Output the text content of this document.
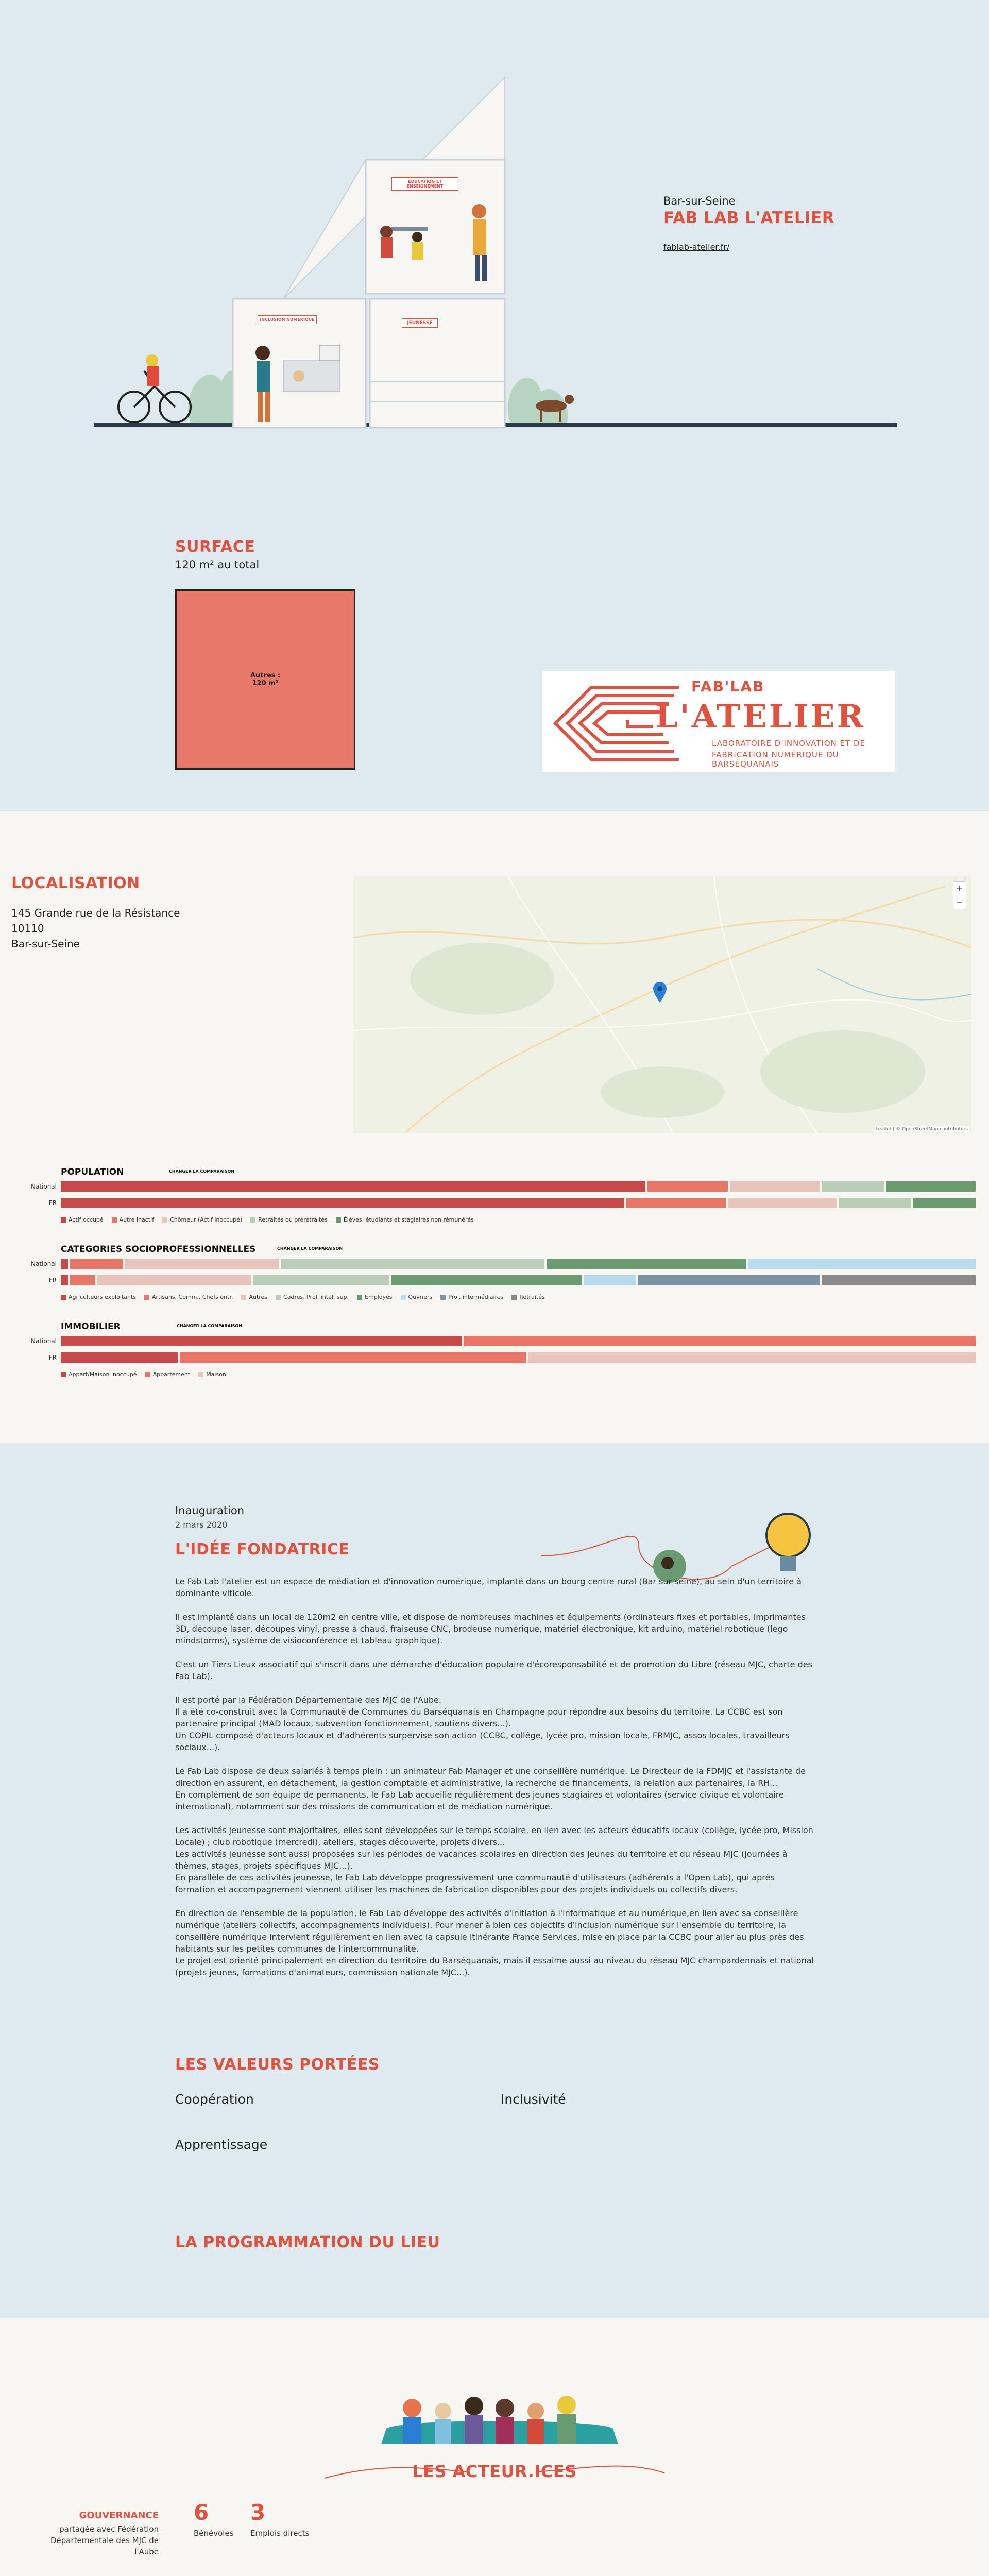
ÉDUCATION ET ENSEIGNEMENT
INCLUSION NUMÉRIQUE
JEUNESSE
Bar-sur-Seine
FAB LAB L'ATELIER
fablab-atelier.fr/
SURFACE
120 m² au total
Autres :
120 m²	FAB'LAB
L'ATELIER
LABORATOIRE D'INNOVATION ET DE
FABRICATION NUMÉRIQUE DU BARSÉQUANAIS
LOCALISATION
145 Grande rue de la Résistance
10110
Bar-sur-Seine
+
−
Leaflet | © OpenStreetMap contributors
POPULATION	CHANGER LA COMPARAISON
National
FR
Actif occupé	Autre inactif	Chômeur (Actif inoccupé)	Retraités ou préretraités	Élèves, étudiants et stagiaires non rémunérés
CATEGORIES SOCIOPROFESSIONNELLES	CHANGER LA COMPARAISON
National
FR
Agriculteurs exploitants	Artisans, Comm., Chefs entr.	Autres	Cadres, Prof. intel. sup.	Employés	Ouvriers	Prof. intermédiaires	Retraités
IMMOBILIER	CHANGER LA COMPARAISON
National
FR
Appart/Maison inoccupé	Appartement	Maison
Inauguration
2 mars 2020
L'IDÉE FONDATRICE

Le Fab Lab l'atelier est un espace de médiation et d'innovation numérique, implanté dans un bourg centre rural (Bar sur seine), au sein d'un territoire à dominante viticole.

Il est implanté dans un local de 120m2 en centre ville, et dispose de nombreuses machines et équipements (ordinateurs fixes et portables, imprimantes 3D, découpe laser, découpes vinyl, presse à chaud, fraiseuse CNC, brodeuse numérique, matériel électronique, kit arduino, matériel robotique (lego mindstorms), système de visioconférence et tableau graphique).

C'est un Tiers Lieux associatif qui s'inscrit dans une démarche d'éducation populaire d'écoresponsabilité et de promotion du Libre (réseau MJC, charte des Fab Lab).

Il est porté par la Fédération Départementale des MJC de l'Aube.
Il a été co-construit avec la Communauté de Communes du Barséquanais en Champagne pour répondre aux besoins du territoire. La CCBC est son partenaire principal (MAD locaux, subvention fonctionnement, soutiens divers...).
Un COPIL composé d'acteurs locaux et d'adhérents surpervise son action (CCBC, collège, lycée pro, mission locale, FRMJC, assos locales, travailleurs sociaux...).

Le Fab Lab dispose de deux salariés à temps plein : un animateur Fab Manager et une conseillère numérique. Le Directeur de la FDMJC et l'assistante de direction en assurent, en détachement, la gestion comptable et administrative, la recherche de financements, la relation aux partenaires, la RH...
En complément de son équipe de permanents, le Fab Lab accueille régulièrement des jeunes stagiaires et volontaires (service civique et volontaire international), notamment sur des missions de communication et de médiation numérique.

Les activités jeunesse sont majoritaires, elles sont développées sur le temps scolaire, en lien avec les acteurs éducatifs locaux (collège, lycée pro, Mission Locale) ; club robotique (mercredi), ateliers, stages découverte, projets divers...
Les activités jeunesse sont aussi proposées sur les périodes de vacances scolaires en direction des jeunes du territoire et du réseau MJC (journées à thèmes, stages, projets spécifiques MJC...).
En parallèle de ces activités jeunesse, le Fab Lab développe progressivement une communauté d'utilisateurs (adhérents à l'Open Lab), qui après formation et accompagnement viennent utiliser les machines de fabrication disponibles pour des projets individuels ou collectifs divers.

En direction de l'ensemble de la population, le Fab Lab développe des activités d'initiation à l'informatique et au numérique,en lien avec sa conseillère numérique (ateliers collectifs, accompagnements individuels). Pour mener à bien ces objectifs d'inclusion numérique sur l'ensemble du territoire, la conseillère numérique intervient régulièrement en lien avec la capsule itinérante France Services, mise en place par la CCBC pour aller au plus près des habitants sur les petites communes de l'intercommunalité.
Le projet est orienté principalement en direction du territoire du Barséquanais, mais il essaime aussi au niveau du réseau MJC champardennais et national (projets jeunes, formations d'animateurs, commission nationale MJC...).

LES VALEURS PORTÉES
Coopération	Inclusivité
Apprentissage
LA PROGRAMMATION DU LIEU
LES ACTEUR.ICES
GOUVERNANCE
partagée avec Fédération Départementale des MJC de l'Aube
6
Bénévoles
3
Emplois directs
